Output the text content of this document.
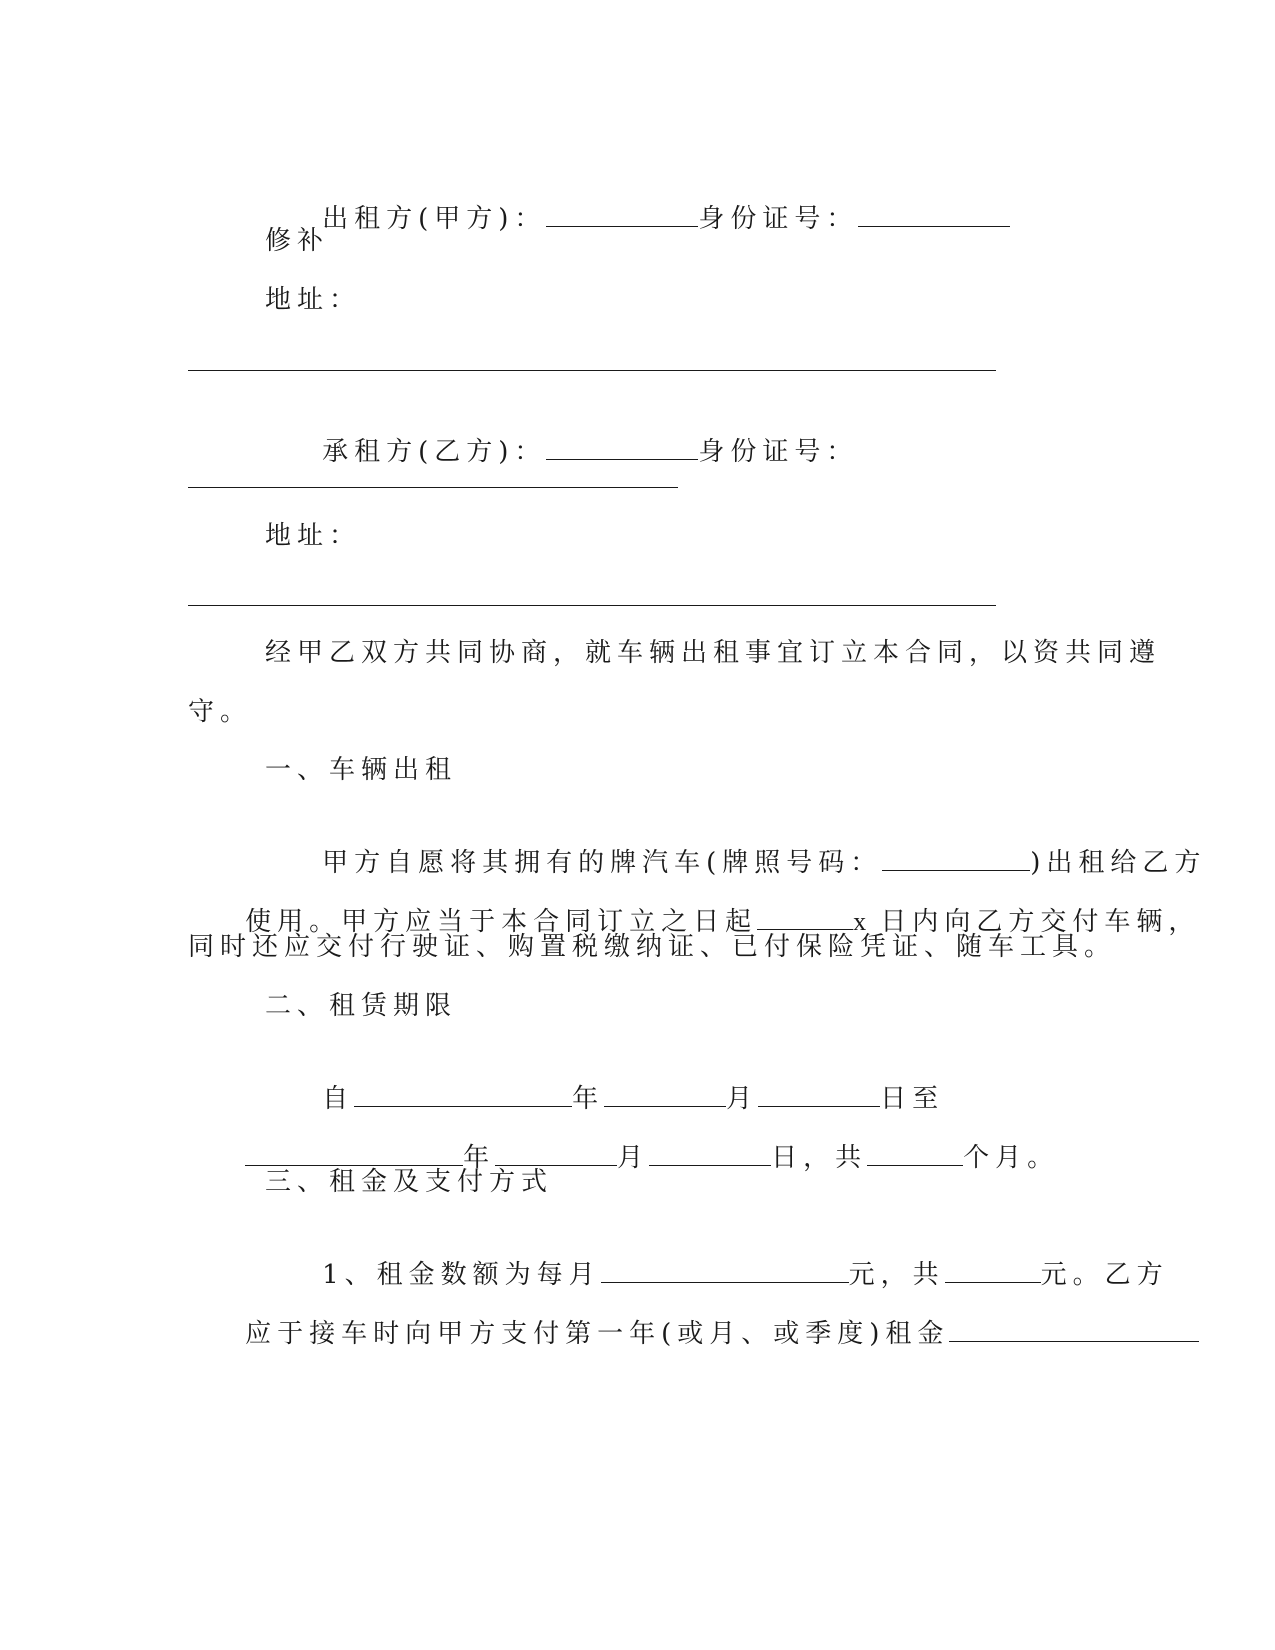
出租方(甲方)：	身份证号：

修补
地址：

承租方(乙方)：	身份证号：

地址：
经甲乙双方共同协商，就车辆出租事宜订立本合同，以资共同遵
守。
一、车辆出租

甲方自愿将其拥有的牌汽车(牌照号码：	)出租给乙方

使用。甲方应当于本合同订立之日起	x 日内向乙方交付车辆，

同时还应交付行驶证、购置税缴纳证、已付保险凭证、随车工具。
二、租赁期限

自	年	月	日至

年	月	日，共	个月。

三、租金及支付方式

1、租金数额为每月	元，共	元。乙方

应于接车时向甲方支付第一年(或月、或季度)租金
